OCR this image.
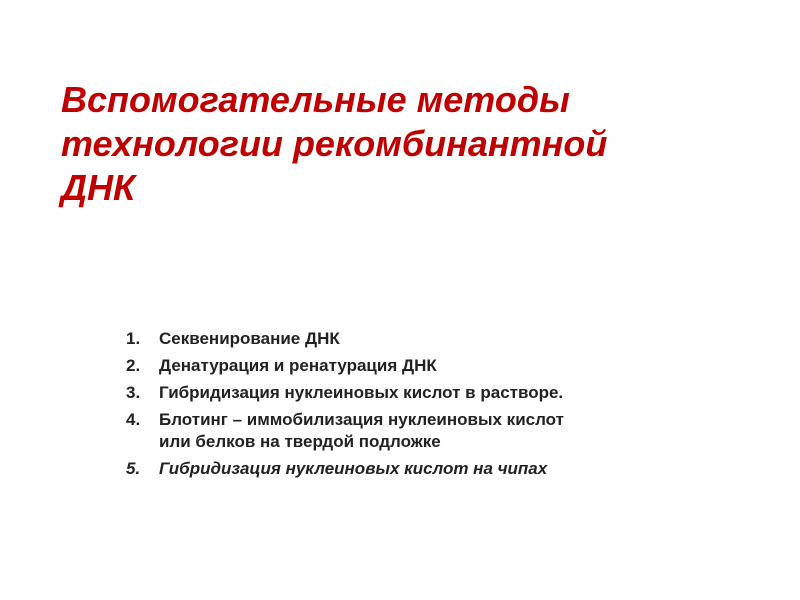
Вспомогательные методы
технологии рекомбинантной
ДНК
1. Секвенирование ДНК
2. Денатурация и ренатурация ДНК
3. Гибридизация нуклеиновых кислот в растворе.
4. Блотинг – иммобилизация нуклеиновых кислот
или белков на твердой подложке
5. Гибридизация нуклеиновых кислот на чипах
